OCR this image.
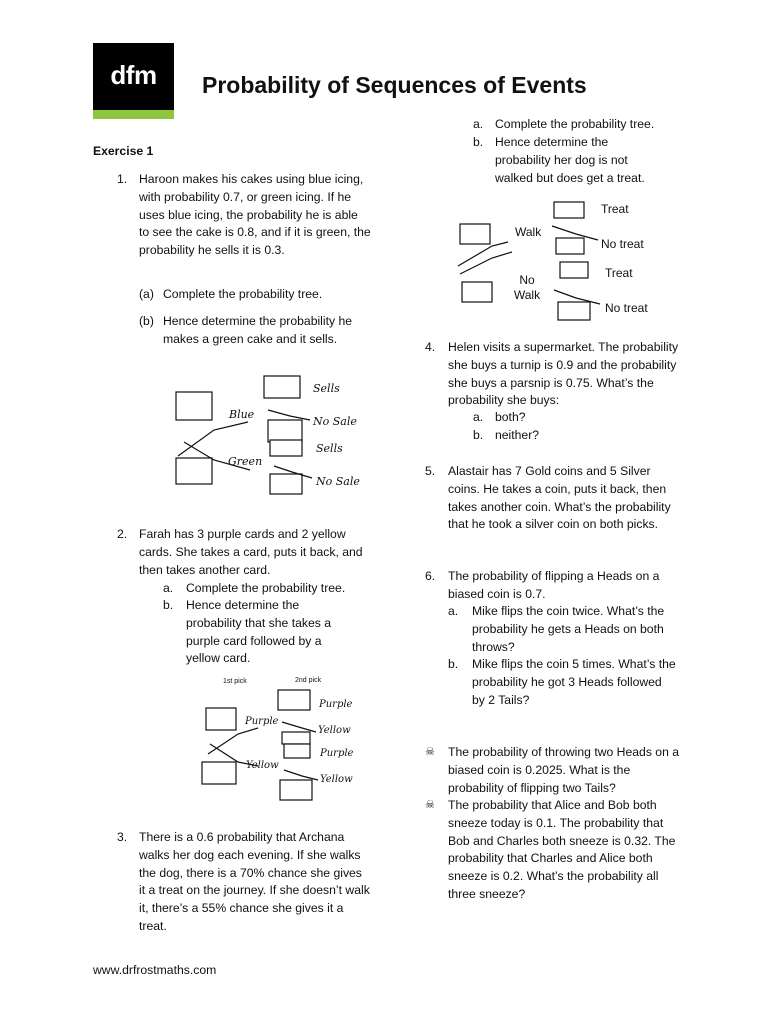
dfm	Probability of Sequences of Events
Exercise 1
1. Haroon makes his cakes using blue icing, with probability 0.7, or green icing. If he uses blue icing, the probability he is able to see the cake is 0.8, and if it is green, the probability he sells it is 0.3.
(a) Complete the probability tree.
(b) Hence determine the probability he makes a green cake and it sells.
Sells
Blue
No Sale
Sells
Green
No Sale
2. Farah has 3 purple cards and 2 yellow cards. She takes a card, puts it back, and then takes another card.
a. Complete the probability tree.
b. Hence determine the probability that she takes a purple card followed by a yellow card.
1st pick	2nd pick
Purple
Purple
Yellow
Purple
Yellow
Yellow
3. There is a 0.6 probability that Archana walks her dog each evening. If she walks the dog, there is a 70% chance she gives it a treat on the journey. If she doesn’t walk it, there’s a 55% chance she gives it a treat.
a. Complete the probability tree.
b. Hence determine the probability her dog is not walked but does get a treat.
Treat
Walk
No treat
Treat
No Walk
No treat
4.	Helen visits a supermarket. The probability she buys a turnip is 0.9 and the probability she buys a parsnip is 0.75. What’s the probability she buys:
a. both?
b. neither?
5.	Alastair has 7 Gold coins and 5 Silver coins. He takes a coin, puts it back, then takes another coin. What’s the probability that he took a silver coin on both picks.
6.	The probability of flipping a Heads on a biased coin is 0.7.
a. Mike flips the coin twice. What’s the probability he gets a Heads on both throws?
b. Mike flips the coin 5 times. What’s the probability he got 3 Heads followed by 2 Tails?
☠ The probability of throwing two Heads on a biased coin is 0.2025. What is the probability of flipping two Tails?
☠ The probability that Alice and Bob both sneeze today is 0.1. The probability that Bob and Charles both sneeze is 0.32. The probability that Charles and Alice both sneeze is 0.2. What’s the probability all three sneeze?
www.drfrostmaths.com
